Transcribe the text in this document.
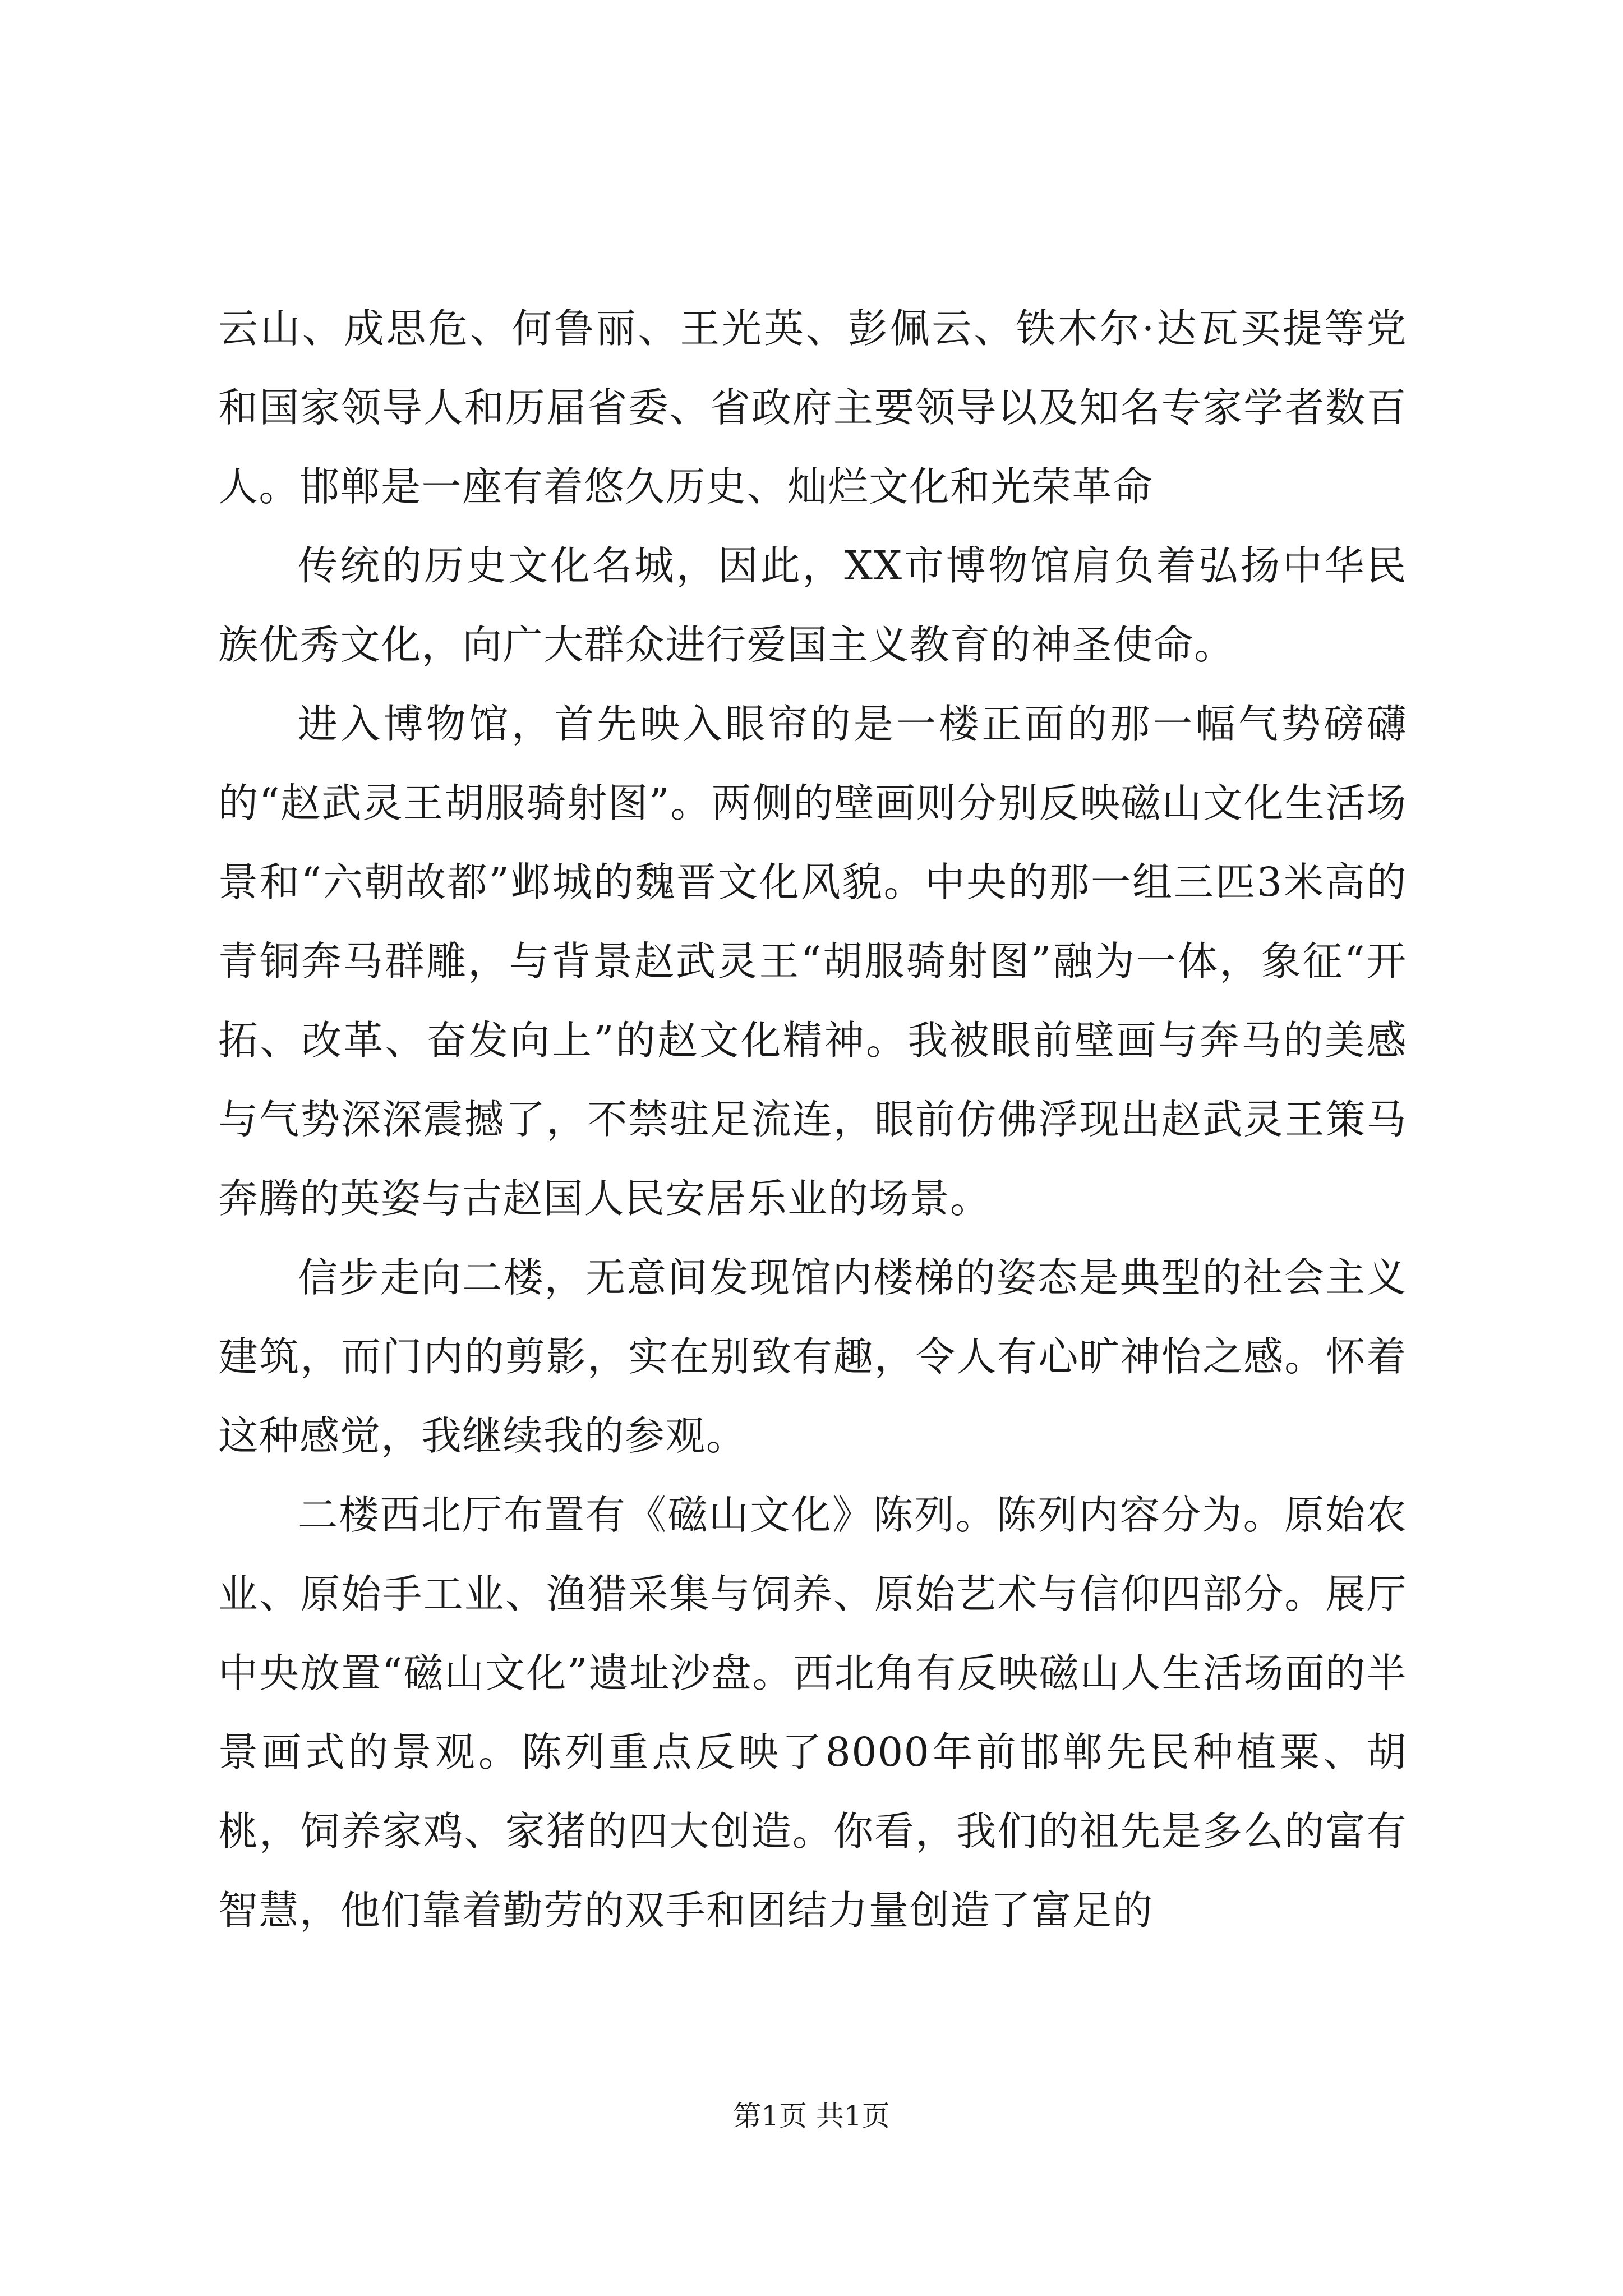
云山、成思危、何鲁丽、王光英、彭佩云、铁木尔·达瓦买提等党和国家领导人和历届省委、省政府主要领导以及知名专家学者数百人。邯郸是一座有着悠久历史、灿烂文化和光荣革命

传统的历史文化名城，因此，XX市博物馆肩负着弘扬中华民族优秀文化，向广大群众进行爱国主义教育的神圣使命。

进入博物馆，首先映入眼帘的是一楼正面的那一幅气势磅礴的“赵武灵王胡服骑射图”。两侧的壁画则分别反映磁山文化生活场景和“六朝故都”邺城的魏晋文化风貌。中央的那一组三匹3米高的青铜奔马群雕，与背景赵武灵王“胡服骑射图”融为一体，象征“开拓、改革、奋发向上”的赵文化精神。我被眼前壁画与奔马的美感与气势深深震撼了，不禁驻足流连，眼前仿佛浮现出赵武灵王策马奔腾的英姿与古赵国人民安居乐业的场景。

信步走向二楼，无意间发现馆内楼梯的姿态是典型的社会主义建筑，而门内的剪影，实在别致有趣，令人有心旷神怡之感。怀着这种感觉，我继续我的参观。

二楼西北厅布置有《磁山文化》陈列。陈列内容分为。原始农业、原始手工业、渔猎采集与饲养、原始艺术与信仰四部分。展厅中央放置“磁山文化”遗址沙盘。西北角有反映磁山人生活场面的半景画式的景观。陈列重点反映了8000年前邯郸先民种植粟、胡桃，饲养家鸡、家猪的四大创造。你看，我们的祖先是多么的富有智慧，他们靠着勤劳的双手和团结力量创造了富足的

第1页 共1页
